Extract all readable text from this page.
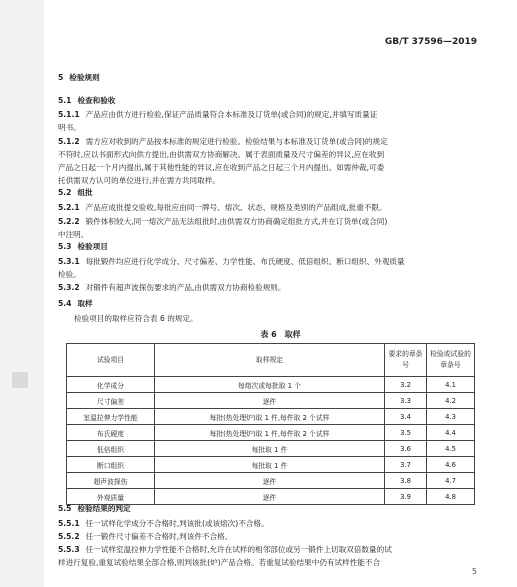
GB/T 37596—2019
5 检验规则
5.1 检查和验收
5.1.1 产品应由供方进行检验,保证产品质量符合本标准及订货单(或合同)的规定,并填写质量证
明书。
5.1.2 需方应对收到的产品按本标准的规定进行检验。检验结果与本标准及订货单(或合同)的规定
不符时,应以书面形式向供方提出,由供需双方协商解决。属于表面质量及尺寸偏差的异议,应在收到
产品之日起一个月内提出,属于其他性能的异议,应在收到产品之日起三个月内提出。如需仲裁,可委
托供需双方认可的单位进行,并在需方共同取样。
5.2 组批
5.2.1 产品应成批提交验收,每批应由同一牌号、熔次、状态、规格及类别的产品组成,批重不限。
5.2.2 锻件体积较大,同一熔次产品无法组批时,由供需双方协商确定组批方式,并在订货单(或合同)
中注明。
5.3 检验项目
5.3.1 每批锻件均应进行化学成分、尺寸偏差、力学性能、布氏硬度、低倍组织、断口组织、外观质量
检验。
5.3.2 对锻件有超声波探伤要求的产品,由供需双方协商检验规则。
5.4 取样
检验项目的取样应符合表 6 的规定。
表 6 取样
试验项目	取样规定	要求的章条号	检验或试验的章条号
化学成分	每熔次或每批取 1 个	3.2	4.1
尺寸偏差	逐件	3.3	4.2
室温拉伸力学性能	每批(热处理炉)取 1 件,每件取 2 个试样	3.4	4.3
布氏硬度	每批(热处理炉)取 1 件,每件取 2 个试样	3.5	4.4
低倍组织	每批取 1 件	3.6	4.5
断口组织	每批取 1 件	3.7	4.6
超声波探伤	逐件	3.8	4.7
外观质量	逐件	3.9	4.8
5.5 检验结果的判定
5.5.1 任一试样化学成分不合格时,判该批(或该熔次)不合格。
5.5.2 任一锻件尺寸偏差不合格时,判该件不合格。
5.5.3 任一试样室温拉伸力学性能不合格时,允许在试样的相邻部位或另一锻件上切取双倍数量的试
样进行复验,重复试验结果全部合格,则判该批(炉)产品合格。若重复试验结果中仍有试样性能不合
5
